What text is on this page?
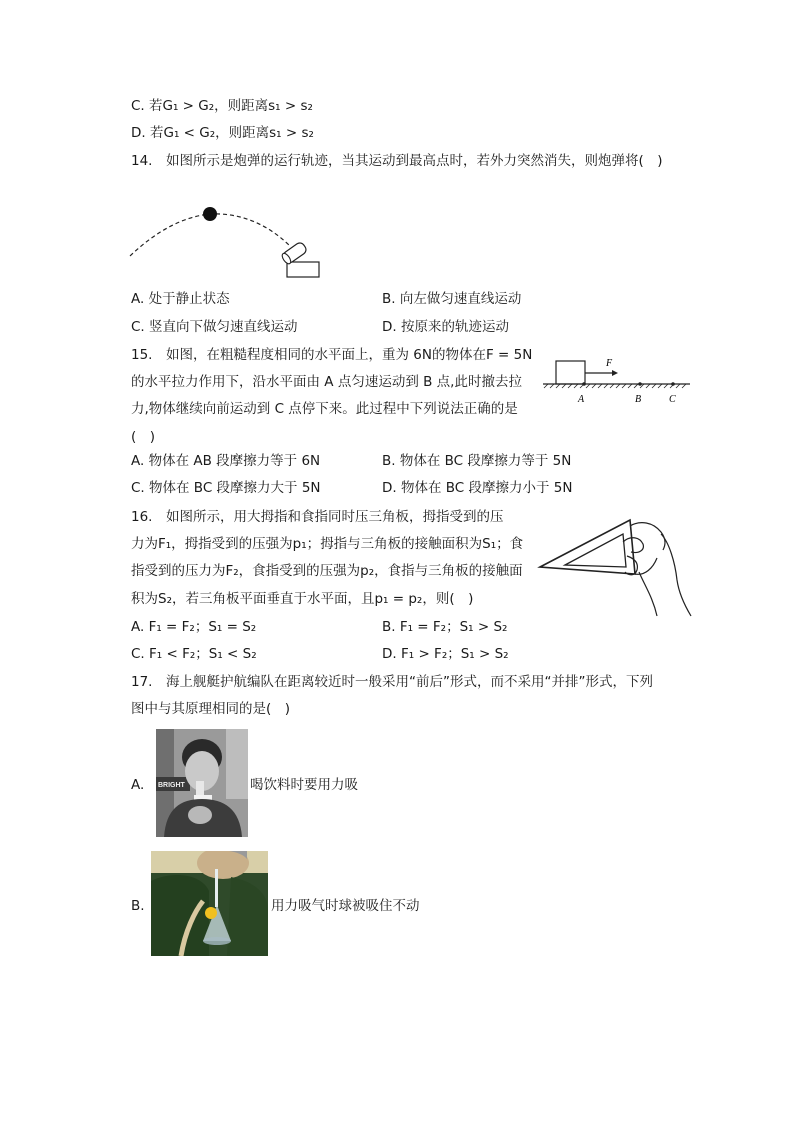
C. 若G₁ > G₂，则距离s₁ > s₂
D. 若G₁ < G₂，则距离s₁ > s₂
14. 如图所示是炮弹的运行轨迹，当其运动到最高点时，若外力突然消失，则炮弹将( )
A. 处于静止状态	B. 向左做匀速直线运动
C. 竖直向下做匀速直线运动	D. 按原来的轨迹运动
15. 如图，在粗糙程度相同的水平面上，重为 6N的物体在F = 5N
的水平拉力作用下，沿水平面由 A 点匀速运动到 B 点,此时撤去拉
力,物体继续向前运动到 C 点停下来。此过程中下列说法正确的是
( )
F
A	B	C
A. 物体在 AB 段摩擦力等于 6N	B. 物体在 BC 段摩擦力等于 5N
C. 物体在 BC 段摩擦力大于 5N	D. 物体在 BC 段摩擦力小于 5N
16. 如图所示，用大拇指和食指同时压三角板，拇指受到的压
力为F₁，拇指受到的压强为p₁；拇指与三角板的接触面积为S₁；食
指受到的压力为F₂，食指受到的压强为p₂，食指与三角板的接触面
积为S₂，若三角板平面垂直于水平面，且p₁ = p₂，则( )
A. F₁ = F₂；S₁ = S₂	B. F₁ = F₂；S₁ > S₂
C. F₁ < F₂；S₁ < S₂	D. F₁ > F₂；S₁ > S₂
17. 海上舰艇护航编队在距离较近时一般采用“前后”形式，而不采用“并排”形式，下列
图中与其原理相同的是( )
A. BRIGHT	喝饮料时要用力吸
B.	用力吸气时球被吸住不动
